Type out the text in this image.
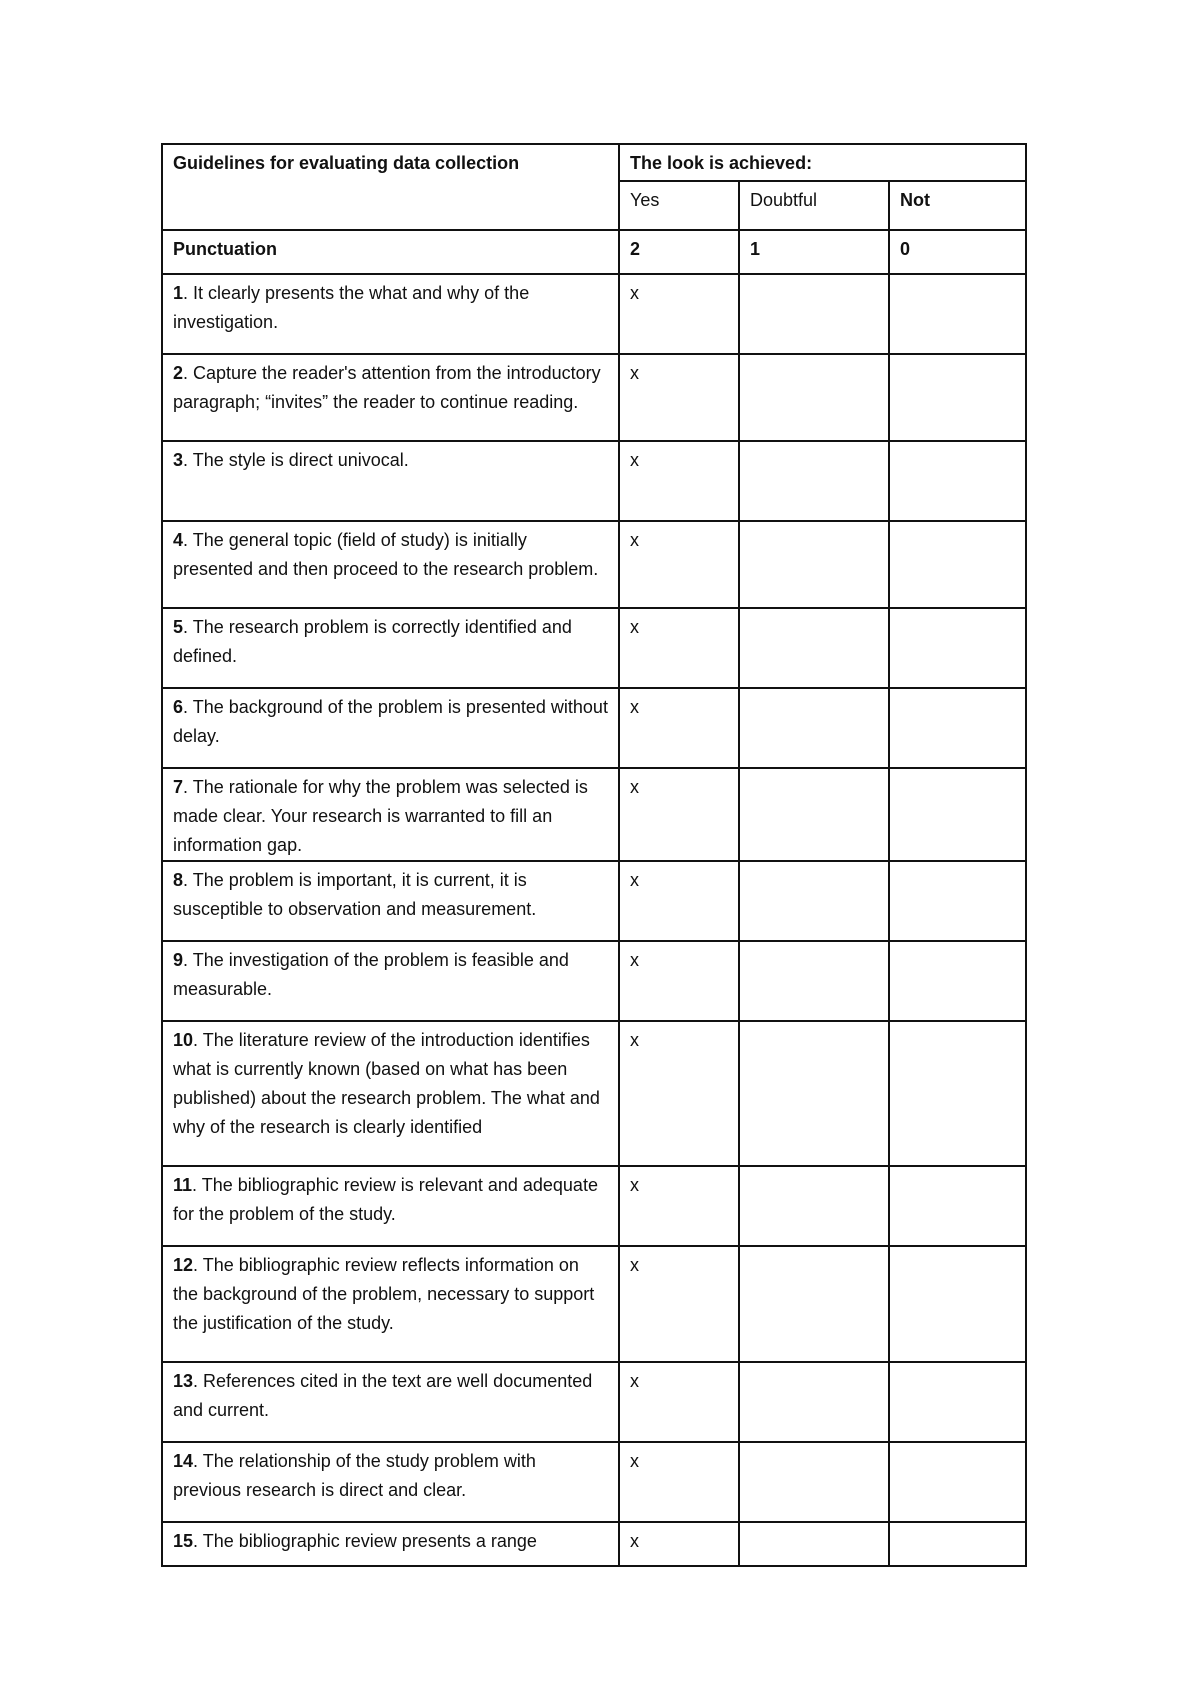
Guidelines for evaluating data collection	The look is achieved:		
	Yes	Doubtful	Not
Punctuation	2	1	0
1. It clearly presents the what and why of the investigation.	x		
2. Capture the reader's attention from the introductory paragraph; “invites” the reader to continue reading.	x		
3. The style is direct univocal.	x		
4. The general topic (field of study) is initially presented and then proceed to the research problem.	x		
5. The research problem is correctly identified and defined.	x		
6. The background of the problem is presented without delay.	x		
7. The rationale for why the problem was selected is made clear. Your research is warranted to fill an information gap.	x		
8. The problem is important, it is current, it is susceptible to observation and measurement.	x		
9. The investigation of the problem is feasible and measurable.	x		
10. The literature review of the introduction identifies what is currently known (based on what has been published) about the research problem. The what and why of the research is clearly identified	x		
11. The bibliographic review is relevant and adequate for the problem of the study.	x		
12. The bibliographic review reflects information on the background of the problem, necessary to support the justification of the study.	x		
13. References cited in the text are well documented and current.	x		
14. The relationship of the study problem with previous research is direct and clear.	x		
15. The bibliographic review presents a range	x		
